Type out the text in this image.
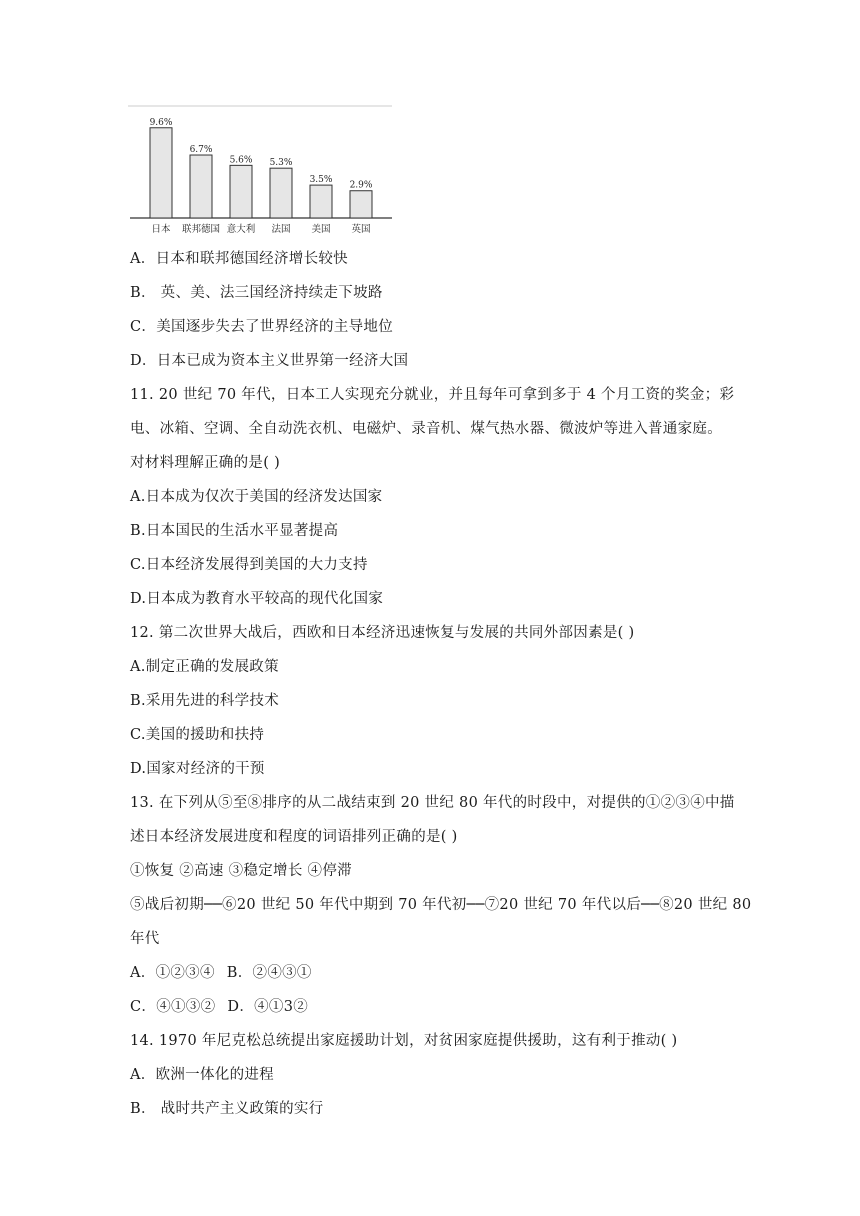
9.6%
日本
6.7%
联邦德国
5.6%
意大利
5.3%
法国
3.5%
美国
2.9%
英国
A．日本和联邦德国经济增长较快
B． 英、美、法三国经济持续走下坡路
C．美国逐步失去了世界经济的主导地位
D．日本已成为资本主义世界第一经济大国
11. 20 世纪 70 年代，日本工人实现充分就业，并且每年可拿到多于 4 个月工资的奖金；彩
电、冰箱、空调、全自动洗衣机、电磁炉、录音机、煤气热水器、微波炉等进入普通家庭。
对材料理解正确的是( )
A.日本成为仅次于美国的经济发达国家
B.日本国民的生活水平显著提高
C.日本经济发展得到美国的大力支持
D.日本成为教育水平较高的现代化国家
12. 第二次世界大战后，西欧和日本经济迅速恢复与发展的共同外部因素是( )
A.制定正确的发展政策
B.采用先进的科学技术
C.美国的援助和扶持
D.国家对经济的干预
13. 在下列从⑤至⑧排序的从二战结束到 20 世纪 80 年代的时段中，对提供的①②③④中描
述日本经济发展进度和程度的词语排列正确的是( )
①恢复 ②高速 ③稳定增长 ④停滞
⑤战后初期──⑥20 世纪 50 年代中期到 70 年代初──⑦20 世纪 70 年代以后──⑧20 世纪 80
年代
A．①②③④ B．②④③①
C．④①③② D．④①3②
14. 1970 年尼克松总统提出家庭援助计划，对贫困家庭提供援助，这有利于推动( )
A．欧洲一体化的进程
B． 战时共产主义政策的实行
